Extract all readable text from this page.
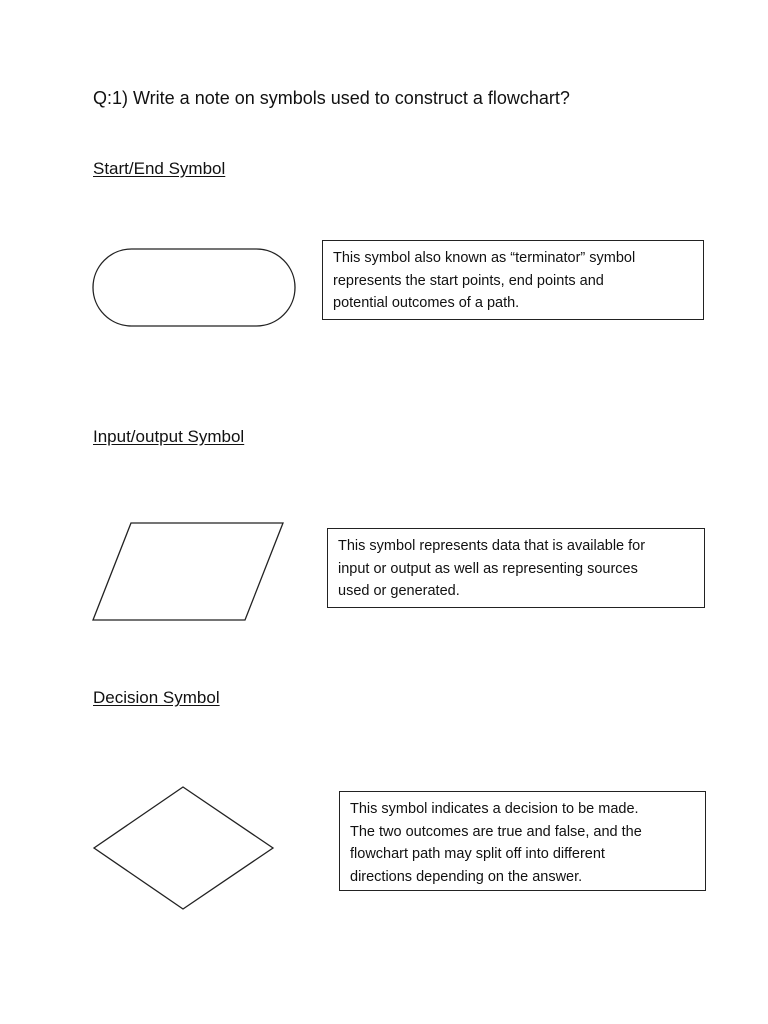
Q:1) Write a note on symbols used to construct a flowchart?
Start/End Symbol
This symbol also known as “terminator” symbol
represents the start points, end points and
potential outcomes of a path.
Input/output Symbol
This symbol represents data that is available for
input or output as well as representing sources
used or generated.
Decision Symbol
This symbol indicates a decision to be made.
The two outcomes are true and false, and the
flowchart path may split off into different
directions depending on the answer.
